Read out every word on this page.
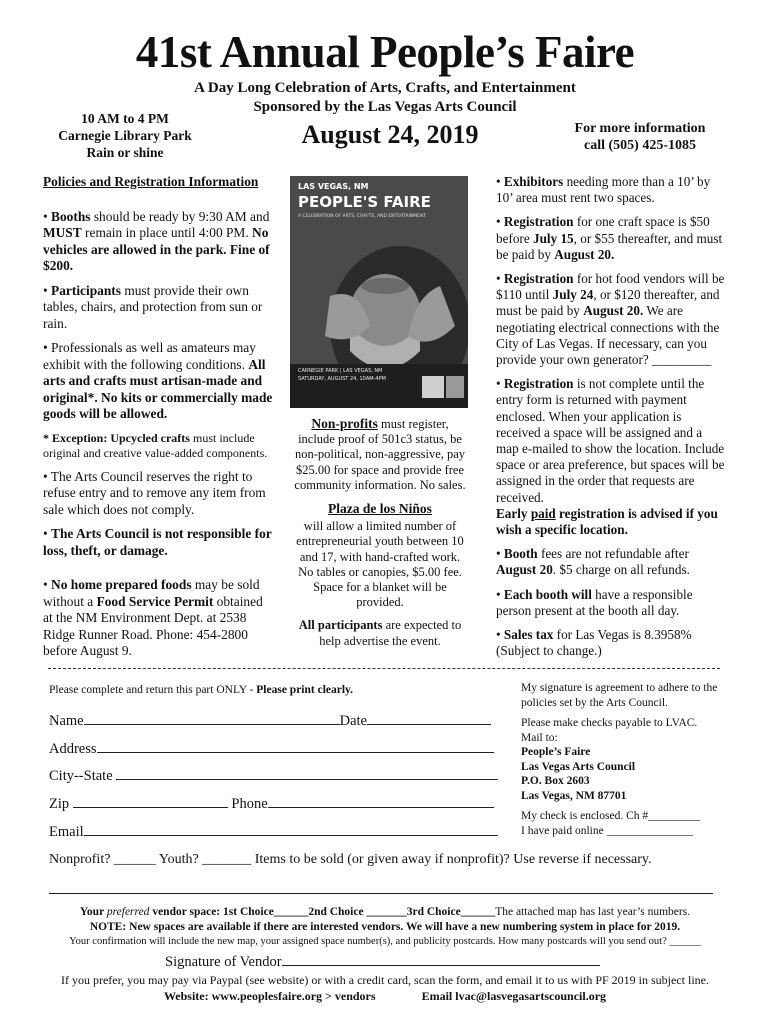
41st Annual People’s Faire
A Day Long Celebration of Arts, Crafts, and Entertainment
Sponsored by the Las Vegas Arts Council
10 AM to 4 PM
Carnegie Library Park
Rain or shine
August 24, 2019	For more information
call (505) 425-1085

Policies and Registration Information

• Booths should be ready by 9:30 AM and MUST remain in place until 4:00 PM. No vehicles are allowed in the park. Fine of $200.

• Participants must provide their own tables, chairs, and protection from sun or rain.

• Professionals as well as amateurs may exhibit with the following conditions. All arts and crafts must artisan-made and original*. No kits or commercially made goods will be allowed.

* Exception: Upcycled crafts must include original and creative value-added components.

• The Arts Council reserves the right to refuse entry and to remove any item from sale which does not comply.

• The Arts Council is not responsible for loss, theft, or damage.

• No home prepared foods may be sold without a Food Service Permit obtained at the NM Environment Dept. at 2538 Ridge Runner Road. Phone: 454-2800 before August 9.

LAS VEGAS, NM
PEOPLE'S FAIRE
A CELEBRATION OF ARTS, CRAFTS, AND ENTERTAINMENT
CARNEGIE PARK | LAS VEGAS, NM
SATURDAY, AUGUST 24, 10AM-4PM

Non-profits must register, include proof of 501c3 status, be non-political, non-aggressive, pay $25.00 for space and provide free community information. No sales.

Plaza de los Niños

will allow a limited number of entrepreneurial youth between 10 and 17, with hand-crafted work. No tables or canopies, $5.00 fee. Space for a blanket will be provided.

All participants are expected to help advertise the event.

• Exhibitors needing more than a 10’ by 10’ area must rent two spaces.

• Registration for one craft space is $50 before July 15, or $55 thereafter, and must be paid by August 20.

• Registration for hot food vendors will be $110 until July 24, or $120 thereafter, and must be paid by August 20. We are negotiating electrical connections with the City of Las Vegas. If necessary, can you provide your own generator? _________

• Registration is not complete until the entry form is returned with payment enclosed. When your application is received a space will be assigned and a map e-mailed to show the location. Include space or area preference, but spaces will be assigned in the order that requests are received.

Early paid registration is advised if you wish a specific location.

• Booth fees are not refundable after August 20. $5 charge on all refunds.

• Each booth will have a responsible person present at the booth all day.

• Sales tax for Las Vegas is 8.3958% (Subject to change.)

Please complete and return this part ONLY - Please print clearly.
Name	Date
Address
City--State
Zip	Phone
Email
Nonprofit? ______ Youth? _______ Items to be sold (or given away if nonprofit)? Use reverse if necessary.
My signature is agreement to adhere to the policies set by the Arts Council.
Please make checks payable to LVAC.
Mail to:
People’s Faire
Las Vegas Arts Council
P.O. Box 2603
Las Vegas, NM 87701
My check is enclosed. Ch #_________
I have paid online _______________
Your preferred vendor space: 1st Choice______2nd Choice _______3rd Choice______The attached map has last year’s numbers.
NOTE: New spaces are available if there are interested vendors. We will have a new numbering system in place for 2019.
Your confirmation will include the new map, your assigned space number(s), and publicity postcards. How many postcards will you send out? ______
Signature of Vendor
If you prefer, you may pay via Paypal (see website) or with a credit card, scan the form, and email it to us with PF 2019 in subject line.
Website: www.peoplesfaire.org > vendors	Email lvac@lasvegasartscouncil.org
